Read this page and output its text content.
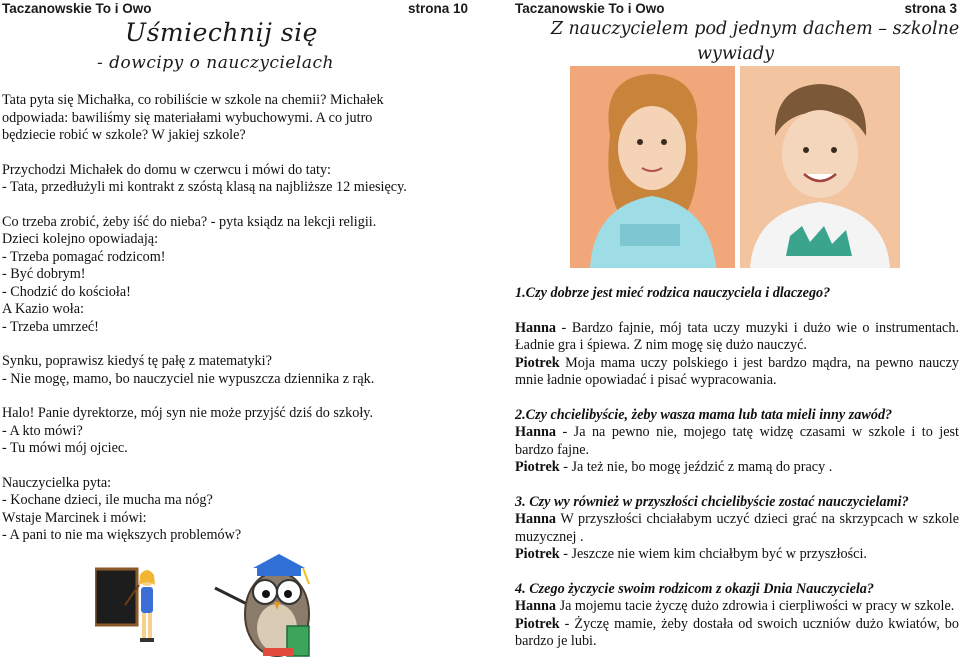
Taczanowskie To i Owo	strona 10
Uśmiechnij się
- dowcipy o nauczycielach
Tata pyta się Michałka, co robiliście w szkole na chemii? Michałek
odpowiada: bawiliśmy się materiałami wybuchowymi. A co jutro
będziecie robić w szkole? W jakiej szkole?
Przychodzi Michałek do domu w czerwcu i mówi do taty:
- Tata, przedłużyli mi kontrakt z szóstą klasą na najbliższe 12 miesięcy.
Co trzeba zrobić, żeby iść do nieba? - pyta ksiądz na lekcji religii.
Dzieci kolejno opowiadają:
- Trzeba pomagać rodzicom!
- Być dobrym!
- Chodzić do kościoła!
A Kazio woła:
- Trzeba umrzeć!
Synku, poprawisz kiedyś tę pałę z matematyki?
- Nie mogę, mamo, bo nauczyciel nie wypuszcza dziennika z rąk.
Halo! Panie dyrektorze, mój syn nie może przyjść dziś do szkoły.
- A kto mówi?
- Tu mówi mój ojciec.
Nauczycielka pyta:
- Kochane dzieci, ile mucha ma nóg?
Wstaje Marcinek i mówi:
- A pani to nie ma większych problemów?
Taczanowskie To i Owo	strona 3
Z nauczycielem pod jednym dachem – szkolne
wywiady
1.Czy dobrze jest mieć rodzica nauczyciela i dlaczego?
Hanna - Bardzo fajnie, mój tata uczy muzyki i dużo wie o instrumentach. Ładnie gra i śpiewa. Z nim mogę się dużo nauczyć.
Piotrek Moja mama uczy polskiego i jest bardzo mądra, na pewno nauczy mnie ładnie opowiadać i pisać wypracowania.
2.Czy chcielibyście, żeby wasza mama lub tata mieli inny zawód?
Hanna - Ja na pewno nie, mojego tatę widzę czasami w szkole i to jest bardzo fajne.
Piotrek - Ja też nie, bo mogę jeździć z mamą do pracy .
3. Czy wy również w przyszłości chcielibyście zostać nauczycielami?
Hanna W przyszłości chciałabym uczyć dzieci grać na skrzypcach w szkole muzycznej .
Piotrek - Jeszcze nie wiem kim chciałbym być w przyszłości.
4. Czego życzycie swoim rodzicom z okazji Dnia Nauczyciela?
Hanna Ja mojemu tacie życzę dużo zdrowia i cierpliwości w pracy w szkole.
Piotrek - Życzę mamie, żeby dostała od swoich uczniów dużo kwiatów, bo bardzo je lubi.
